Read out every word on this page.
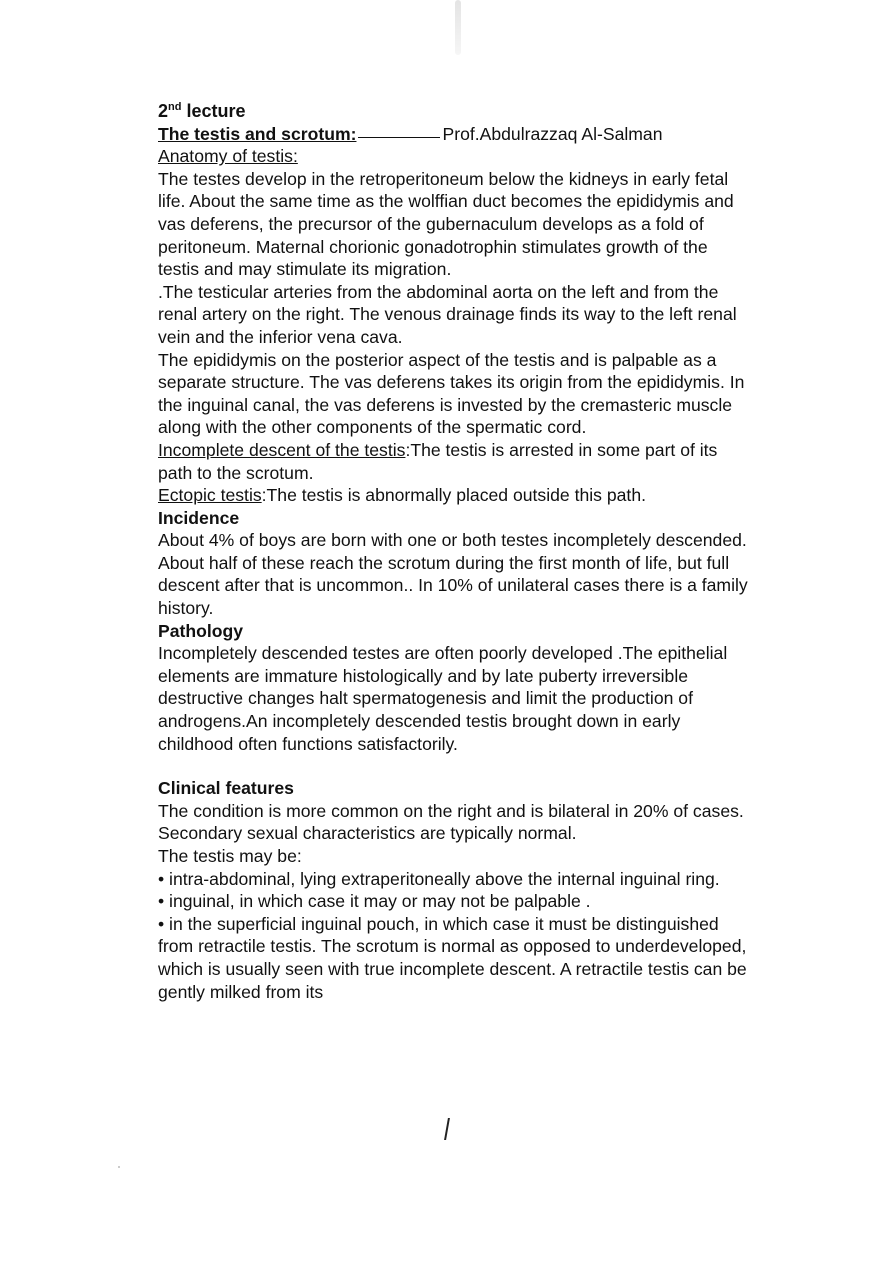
2nd lecture

The testis and scrotum:	Prof.Abdulrazzaq Al-Salman

Anatomy of testis:

The testes develop in the retroperitoneum below the kidneys in early fetal life. About the same time as the wolffian duct becomes the epididymis and vas deferens, the precursor of the gubernaculum develops as a fold of peritoneum. Maternal chorionic gonadotrophin stimulates growth of the testis and may stimulate its migration.

.The testicular arteries from the abdominal aorta on the left and from the renal artery on the right. The venous drainage finds its way to the left renal vein and the inferior vena cava.

The epididymis on the posterior aspect of the testis and is palpable as a separate structure. The vas deferens takes its origin from the epididymis. In the inguinal canal, the vas deferens is invested by the cremasteric muscle along with the other components of the spermatic cord.

Incomplete descent of the testis:The testis is arrested in some part of its path to the scrotum.

Ectopic testis:The testis is abnormally placed outside this path.

Incidence

About 4% of boys are born with one or both testes incompletely descended. About half of these reach the scrotum during the first month of life, but full descent after that is uncommon.. In 10% of unilateral cases there is a family history.

Pathology

Incompletely descended testes are often poorly developed .The epithelial elements are immature histologically and by late puberty irreversible destructive changes halt spermatogenesis and limit the production of androgens.An incompletely descended testis brought down in early childhood often functions satisfactorily.

Clinical features

The condition is more common on the right and is bilateral in 20% of cases. Secondary sexual characteristics are typically normal.

The testis may be:

• intra-abdominal, lying extraperitoneally above the internal inguinal ring.

• inguinal, in which case it may or may not be palpable .

• in the superficial inguinal pouch, in which case it must be distinguished from retractile testis. The scrotum is normal as opposed to underdeveloped, which is usually seen with true incomplete descent. A retractile testis can be gently milked from its
